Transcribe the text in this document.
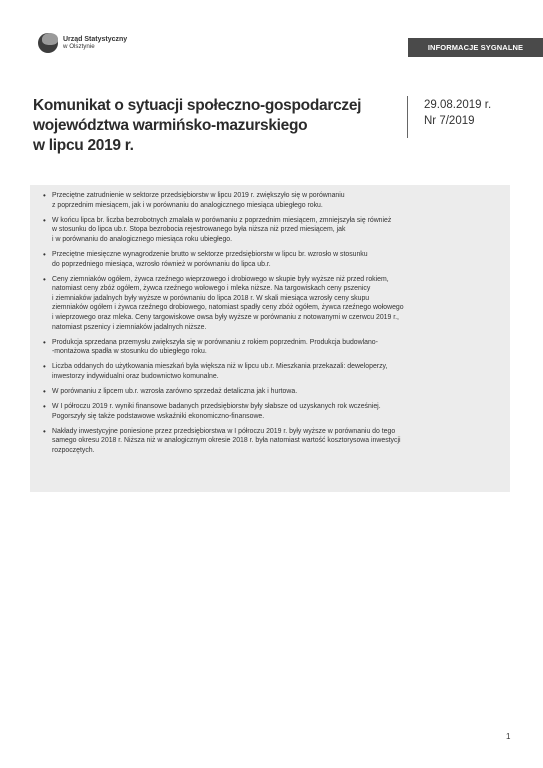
Urząd Statystyczny
w Olsztynie	INFORMACJE SYGNALNE
Komunikat o sytuacji społeczno-gospodarczej
województwa warmińsko-mazurskiego
w lipcu 2019 r.
29.08.2019 r.
Nr 7/2019
• Przeciętne zatrudnienie w sektorze przedsiębiorstw w lipcu 2019 r. zwiększyło się w porównaniu
z poprzednim miesiącem, jak i w porównaniu do analogicznego miesiąca ubiegłego roku.
• W końcu lipca br. liczba bezrobotnych zmalała w porównaniu z poprzednim miesiącem, zmniejszyła się również
w stosunku do lipca ub.r. Stopa bezrobocia rejestrowanego była niższa niż przed miesiącem, jak
i w porównaniu do analogicznego miesiąca roku ubiegłego.
• Przeciętne miesięczne wynagrodzenie brutto w sektorze przedsiębiorstw w lipcu br. wzrosło w stosunku
do poprzedniego miesiąca, wzrosło również w porównaniu do lipca ub.r.
• Ceny ziemniaków ogółem, żywca rzeźnego wieprzowego i drobiowego w skupie były wyższe niż przed rokiem,
natomiast ceny zbóż ogółem, żywca rzeźnego wołowego i mleka niższe. Na targowiskach ceny pszenicy
i ziemniaków jadalnych były wyższe w porównaniu do lipca 2018 r. W skali miesiąca wzrosły ceny skupu
ziemniaków ogółem i żywca rzeźnego drobiowego, natomiast spadły ceny zbóż ogółem, żywca rzeźnego wołowego
i wieprzowego oraz mleka. Ceny targowiskowe owsa były wyższe w porównaniu z notowanymi w czerwcu 2019 r.,
natomiast pszenicy i ziemniaków jadalnych niższe.
• Produkcja sprzedana przemysłu zwiększyła się w porównaniu z rokiem poprzednim. Produkcja budowlano-
-montażowa spadła w stosunku do ubiegłego roku.
• Liczba oddanych do użytkowania mieszkań była większa niż w lipcu ub.r. Mieszkania przekazali: deweloperzy,
inwestorzy indywidualni oraz budownictwo komunalne.
• W porównaniu z lipcem ub.r. wzrosła zarówno sprzedaż detaliczna jak i hurtowa.
• W I półroczu 2019 r. wyniki finansowe badanych przedsiębiorstw były słabsze od uzyskanych rok wcześniej.
Pogorszyły się także podstawowe wskaźniki ekonomiczno-finansowe.
• Nakłady inwestycyjne poniesione przez przedsiębiorstwa w I półroczu 2019 r. były wyższe w porównaniu do tego
samego okresu 2018 r. Niższa niż w analogicznym okresie 2018 r. była natomiast wartość kosztorysowa inwestycji
rozpoczętych.
1
